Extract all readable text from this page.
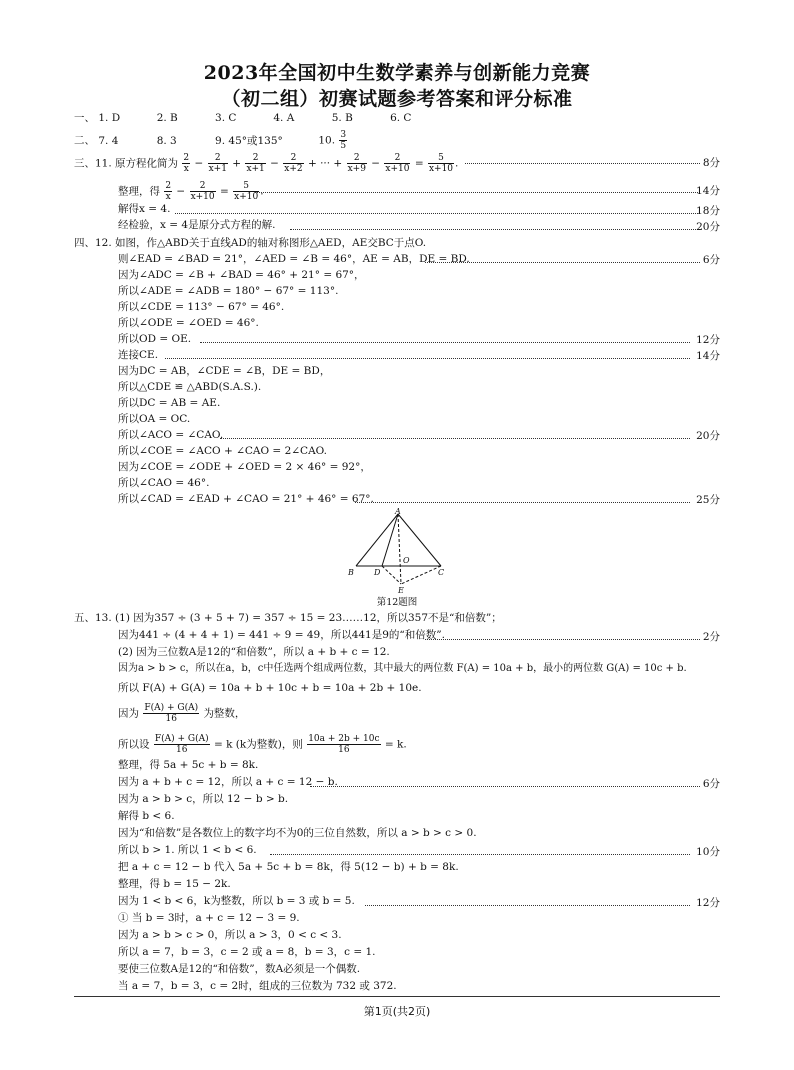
2023年全国初中生数学素养与创新能力竞赛
（初二组）初赛试题参考答案和评分标准
一、 1. D	2. B	3. C	4. A	5. B	6. C
二、 7. 4	8. 3	9. 45°或135°	10. $\frac{3}{5}$
三、11. 原方程化简为 $\frac{2}{x} - \frac{2}{x+1} + \frac{2}{x+1} - \frac{2}{x+2}$ + ··· + $\frac{2}{x+9} - \frac{2}{x+10} = \frac{5}{x+10}$ .	8分
整理，得 $\frac{2}{x} - \frac{2}{x+10} = \frac{5}{x+10}$ .	14分
解得x = 4.	18分
经检验，x = 4是原分式方程的解.	20分
四、12. 如图，作△ABD关于直线AD的轴对称图形△AED，AE交BC于点O.
则∠EAD = ∠BAD = 21°，∠AED = ∠B = 46°，AE = AB，DE = BD.	6分
因为∠ADC = ∠B + ∠BAD = 46° + 21° = 67°，
所以∠ADE = ∠ADB = 180° − 67° = 113°.
所以∠CDE = 113° − 67° = 46°.
所以∠ODE = ∠OED = 46°.
所以OD = OE.	12分
连接CE.	14分
因为DC = AB，∠CDE = ∠B，DE = BD，
所以△CDE ≌ △ABD(S.A.S.).
所以DC = AB = AE.
所以OA = OC.
所以∠ACO = ∠CAO.	20分
所以∠COE = ∠ACO + ∠CAO = 2∠CAO.
因为∠COE = ∠ODE + ∠OED = 2 × 46° = 92°，
所以∠CAO = 46°.
所以∠CAD = ∠EAD + ∠CAO = 21° + 46° = 67°.	25分
A
B	D
O
C
E
第12题图
五、13. (1) 因为357 ÷ (3 + 5 + 7) = 357 ÷ 15 = 23……12，所以357不是“和倍数”；
因为441 ÷ (4 + 4 + 1) = 441 ÷ 9 = 49，所以441是9的“和倍数”.	2分
(2) 因为三位数A是12的“和倍数”，所以 a + b + c = 12.
因为a > b > c，所以在a，b，c中任选两个组成两位数，其中最大的两位数 F(A) = 10a + b，最小的两位数 G(A) = 10c + b.
所以 F(A) + G(A) = 10a + b + 10c + b = 10a + 2b + 10e.
因为 $\frac{F(A) + G(A)}{16}$ 为整数，
所以设 $\frac{F(A) + G(A)}{16} = k$ (k为整数)，则 $\frac{10a + 2b + 10c}{16} = k$.
整理，得 5a + 5c + b = 8k.
因为 a + b + c = 12，所以 a + c = 12 − b.	6分
因为 a > b > c，所以 12 − b > b.
解得 b < 6.
因为“和倍数”是各数位上的数字均不为0的三位自然数，所以 a > b > c > 0.
所以 b > 1. 所以 1 < b < 6.	10分
把 a + c = 12 − b 代入 5a + 5c + b = 8k，得 5(12 − b) + b = 8k.
整理，得 b = 15 − 2k.
因为 1 < b < 6，k为整数，所以 b = 3 或 b = 5.	12分
① 当 b = 3时，a + c = 12 − 3 = 9.
因为 a > b > c > 0，所以 a > 3，0 < c < 3.
所以 a = 7，b = 3，c = 2 或 a = 8，b = 3，c = 1.
要使三位数A是12的“和倍数”，数A必须是一个偶数.
当 a = 7，b = 3，c = 2时，组成的三位数为 732 或 372.
第1页(共2页)
